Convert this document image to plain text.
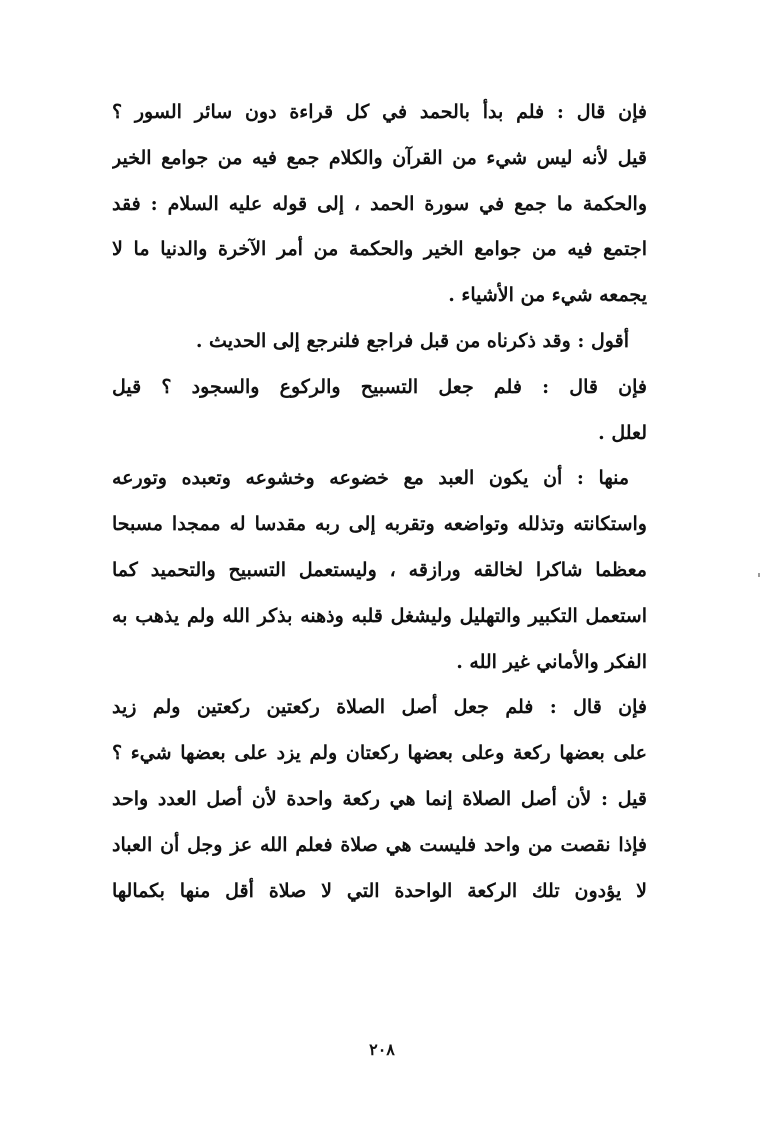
فإن قال : فلم بدأ بالحمد في كل قراءة دون سائر السور ؟
قيل لأنه ليس شيء من القرآن والكلام جمع فيه من جوامع الخير
والحكمة ما جمع في سورة الحمد ، إلى قوله عليه السلام : فقد
اجتمع فيه من جوامع الخير والحكمة من أمر الآخرة والدنيا ما لا
يجمعه شيء من الأشياء .
أقول : وقد ذكرناه من قبل فراجع فلنرجع إلى الحديث .
فإن قال : فلم جعل التسبيح والركوع والسجود ؟ قيل
لعلل .
منها : أن يكون العبد مع خضوعه وخشوعه وتعبده وتورعه
واستكانته وتذلله وتواضعه وتقربه إلى ربه مقدسا له ممجدا مسبحا
معظما شاكرا لخالقه ورازقه ، وليستعمل التسبيح والتحميد كما
استعمل التكبير والتهليل وليشغل قلبه وذهنه بذكر الله ولم يذهب به
الفكر والأماني غير الله .
فإن قال : فلم جعل أصل الصلاة ركعتين ركعتين ولم زيد
على بعضها ركعة وعلى بعضها ركعتان ولم يزد على بعضها شيء ؟
قيل : لأن أصل الصلاة إنما هي ركعة واحدة لأن أصل العدد واحد
فإذا نقصت من واحد فليست هي صلاة فعلم الله عز وجل أن العباد
لا يؤدون تلك الركعة الواحدة التي لا صلاة أقل منها بكمالها
٢٠٨
